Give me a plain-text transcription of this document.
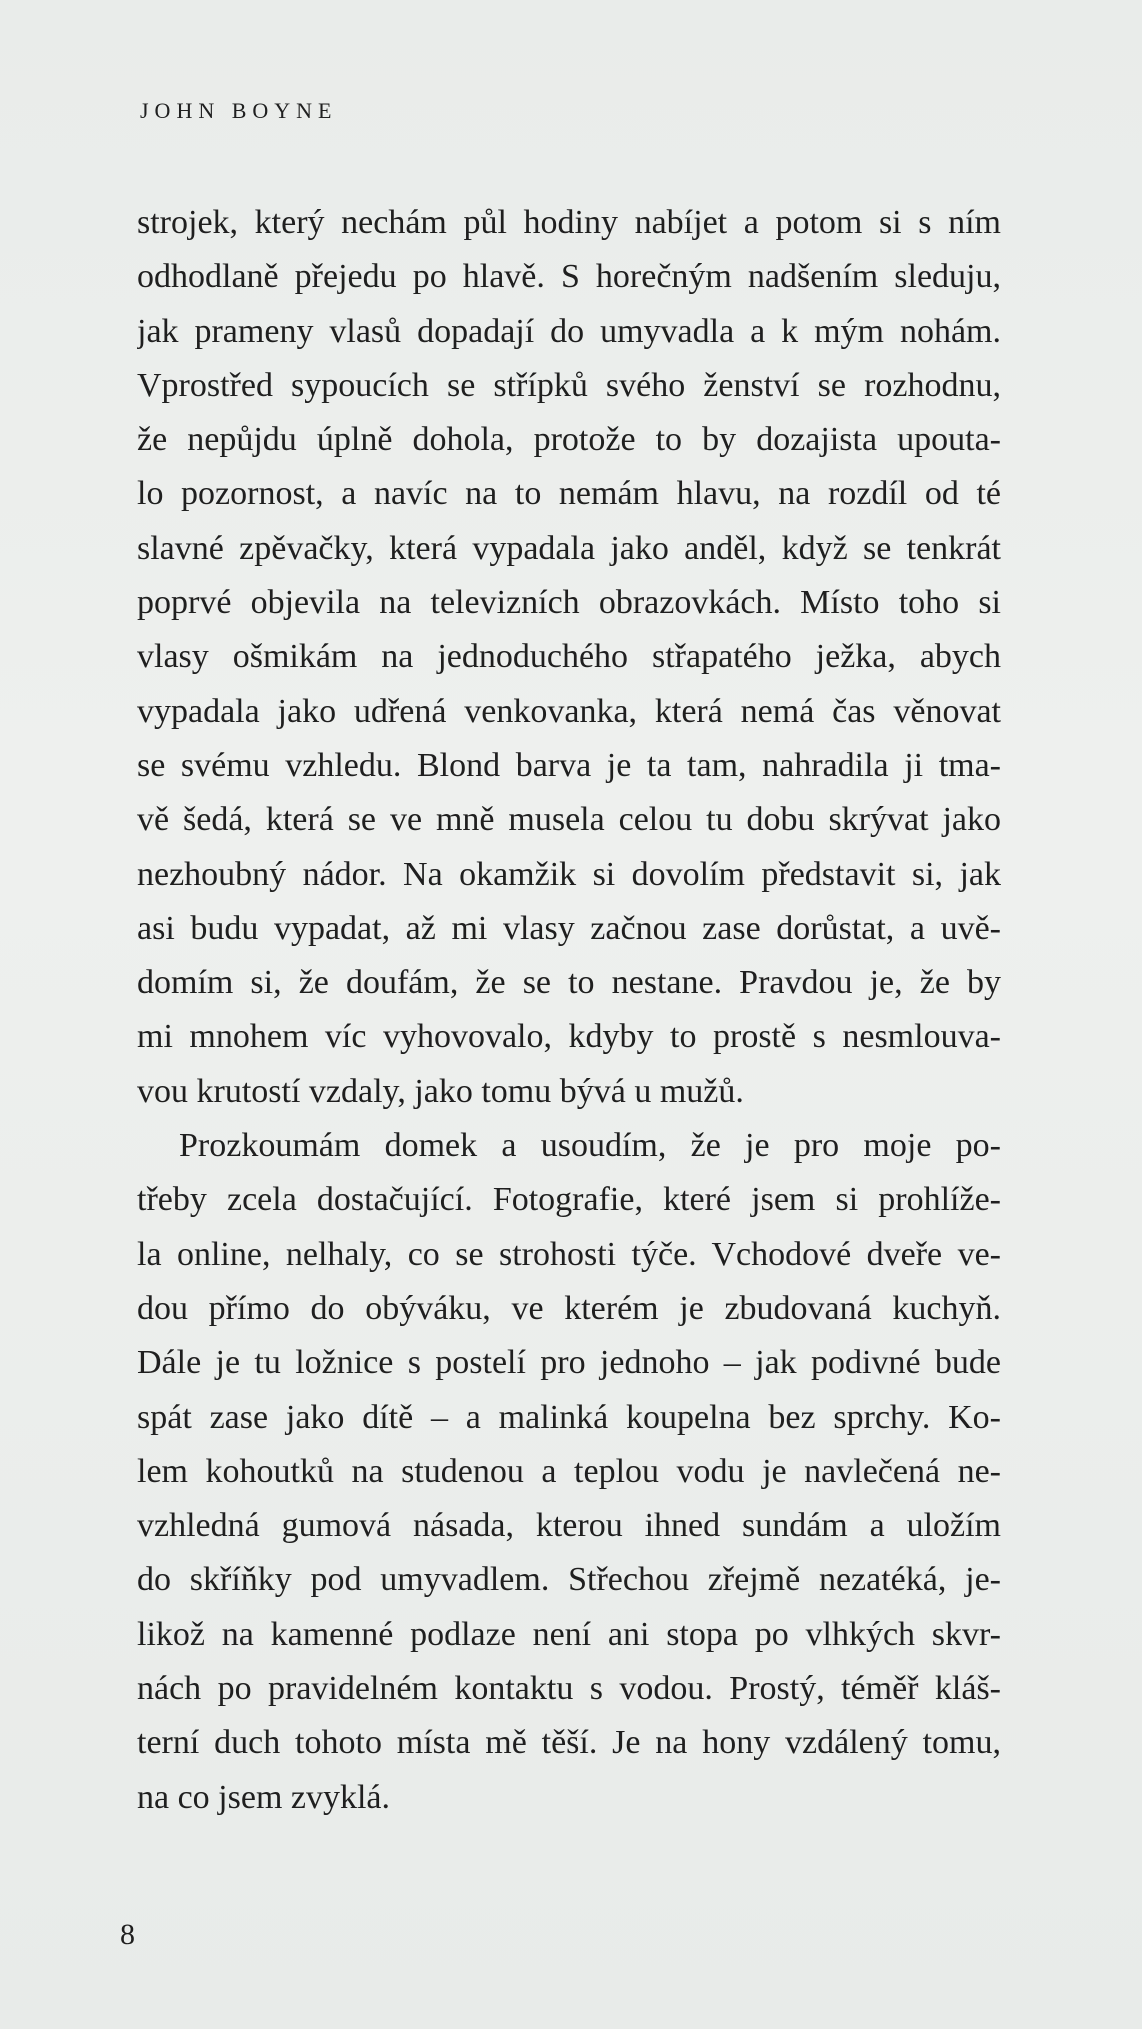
JOHN BOYNE
strojek, který nechám půl hodiny nabíjet a potom si s ním
odhodlaně přejedu po hlavě. S horečným nadšením sleduju,
jak prameny vlasů dopadají do umyvadla a k mým nohám.
Vprostřed sypoucích se střípků svého ženství se rozhodnu,
že nepůjdu úplně dohola, protože to by dozajista upouta-
lo pozornost, a navíc na to nemám hlavu, na rozdíl od té
slavné zpěvačky, která vypadala jako anděl, když se tenkrát
poprvé objevila na televizních obrazovkách. Místo toho si
vlasy ošmikám na jednoduchého střapatého ježka, abych
vypadala jako udřená venkovanka, která nemá čas věnovat
se svému vzhledu. Blond barva je ta tam, nahradila ji tma-
vě šedá, která se ve mně musela celou tu dobu skrývat jako
nezhoubný nádor. Na okamžik si dovolím představit si, jak
asi budu vypadat, až mi vlasy začnou zase dorůstat, a uvě-
domím si, že doufám, že se to nestane. Pravdou je, že by
mi mnohem víc vyhovovalo, kdyby to prostě s nesmlouva-
vou krutostí vzdaly, jako tomu bývá u mužů.
Prozkoumám domek a usoudím, že je pro moje po-
třeby zcela dostačující. Fotografie, které jsem si prohlíže-
la online, nelhaly, co se strohosti týče. Vchodové dveře ve-
dou přímo do obýváku, ve kterém je zbudovaná kuchyň.
Dále je tu ložnice s postelí pro jednoho – jak podivné bude
spát zase jako dítě – a malinká koupelna bez sprchy. Ko-
lem kohoutků na studenou a teplou vodu je navlečená ne-
vzhledná gumová násada, kterou ihned sundám a uložím
do skříňky pod umyvadlem. Střechou zřejmě nezatéká, je-
likož na kamenné podlaze není ani stopa po vlhkých skvr-
nách po pravidelném kontaktu s vodou. Prostý, téměř kláš-
terní duch tohoto místa mě těší. Je na hony vzdálený tomu,
na co jsem zvyklá.

8
